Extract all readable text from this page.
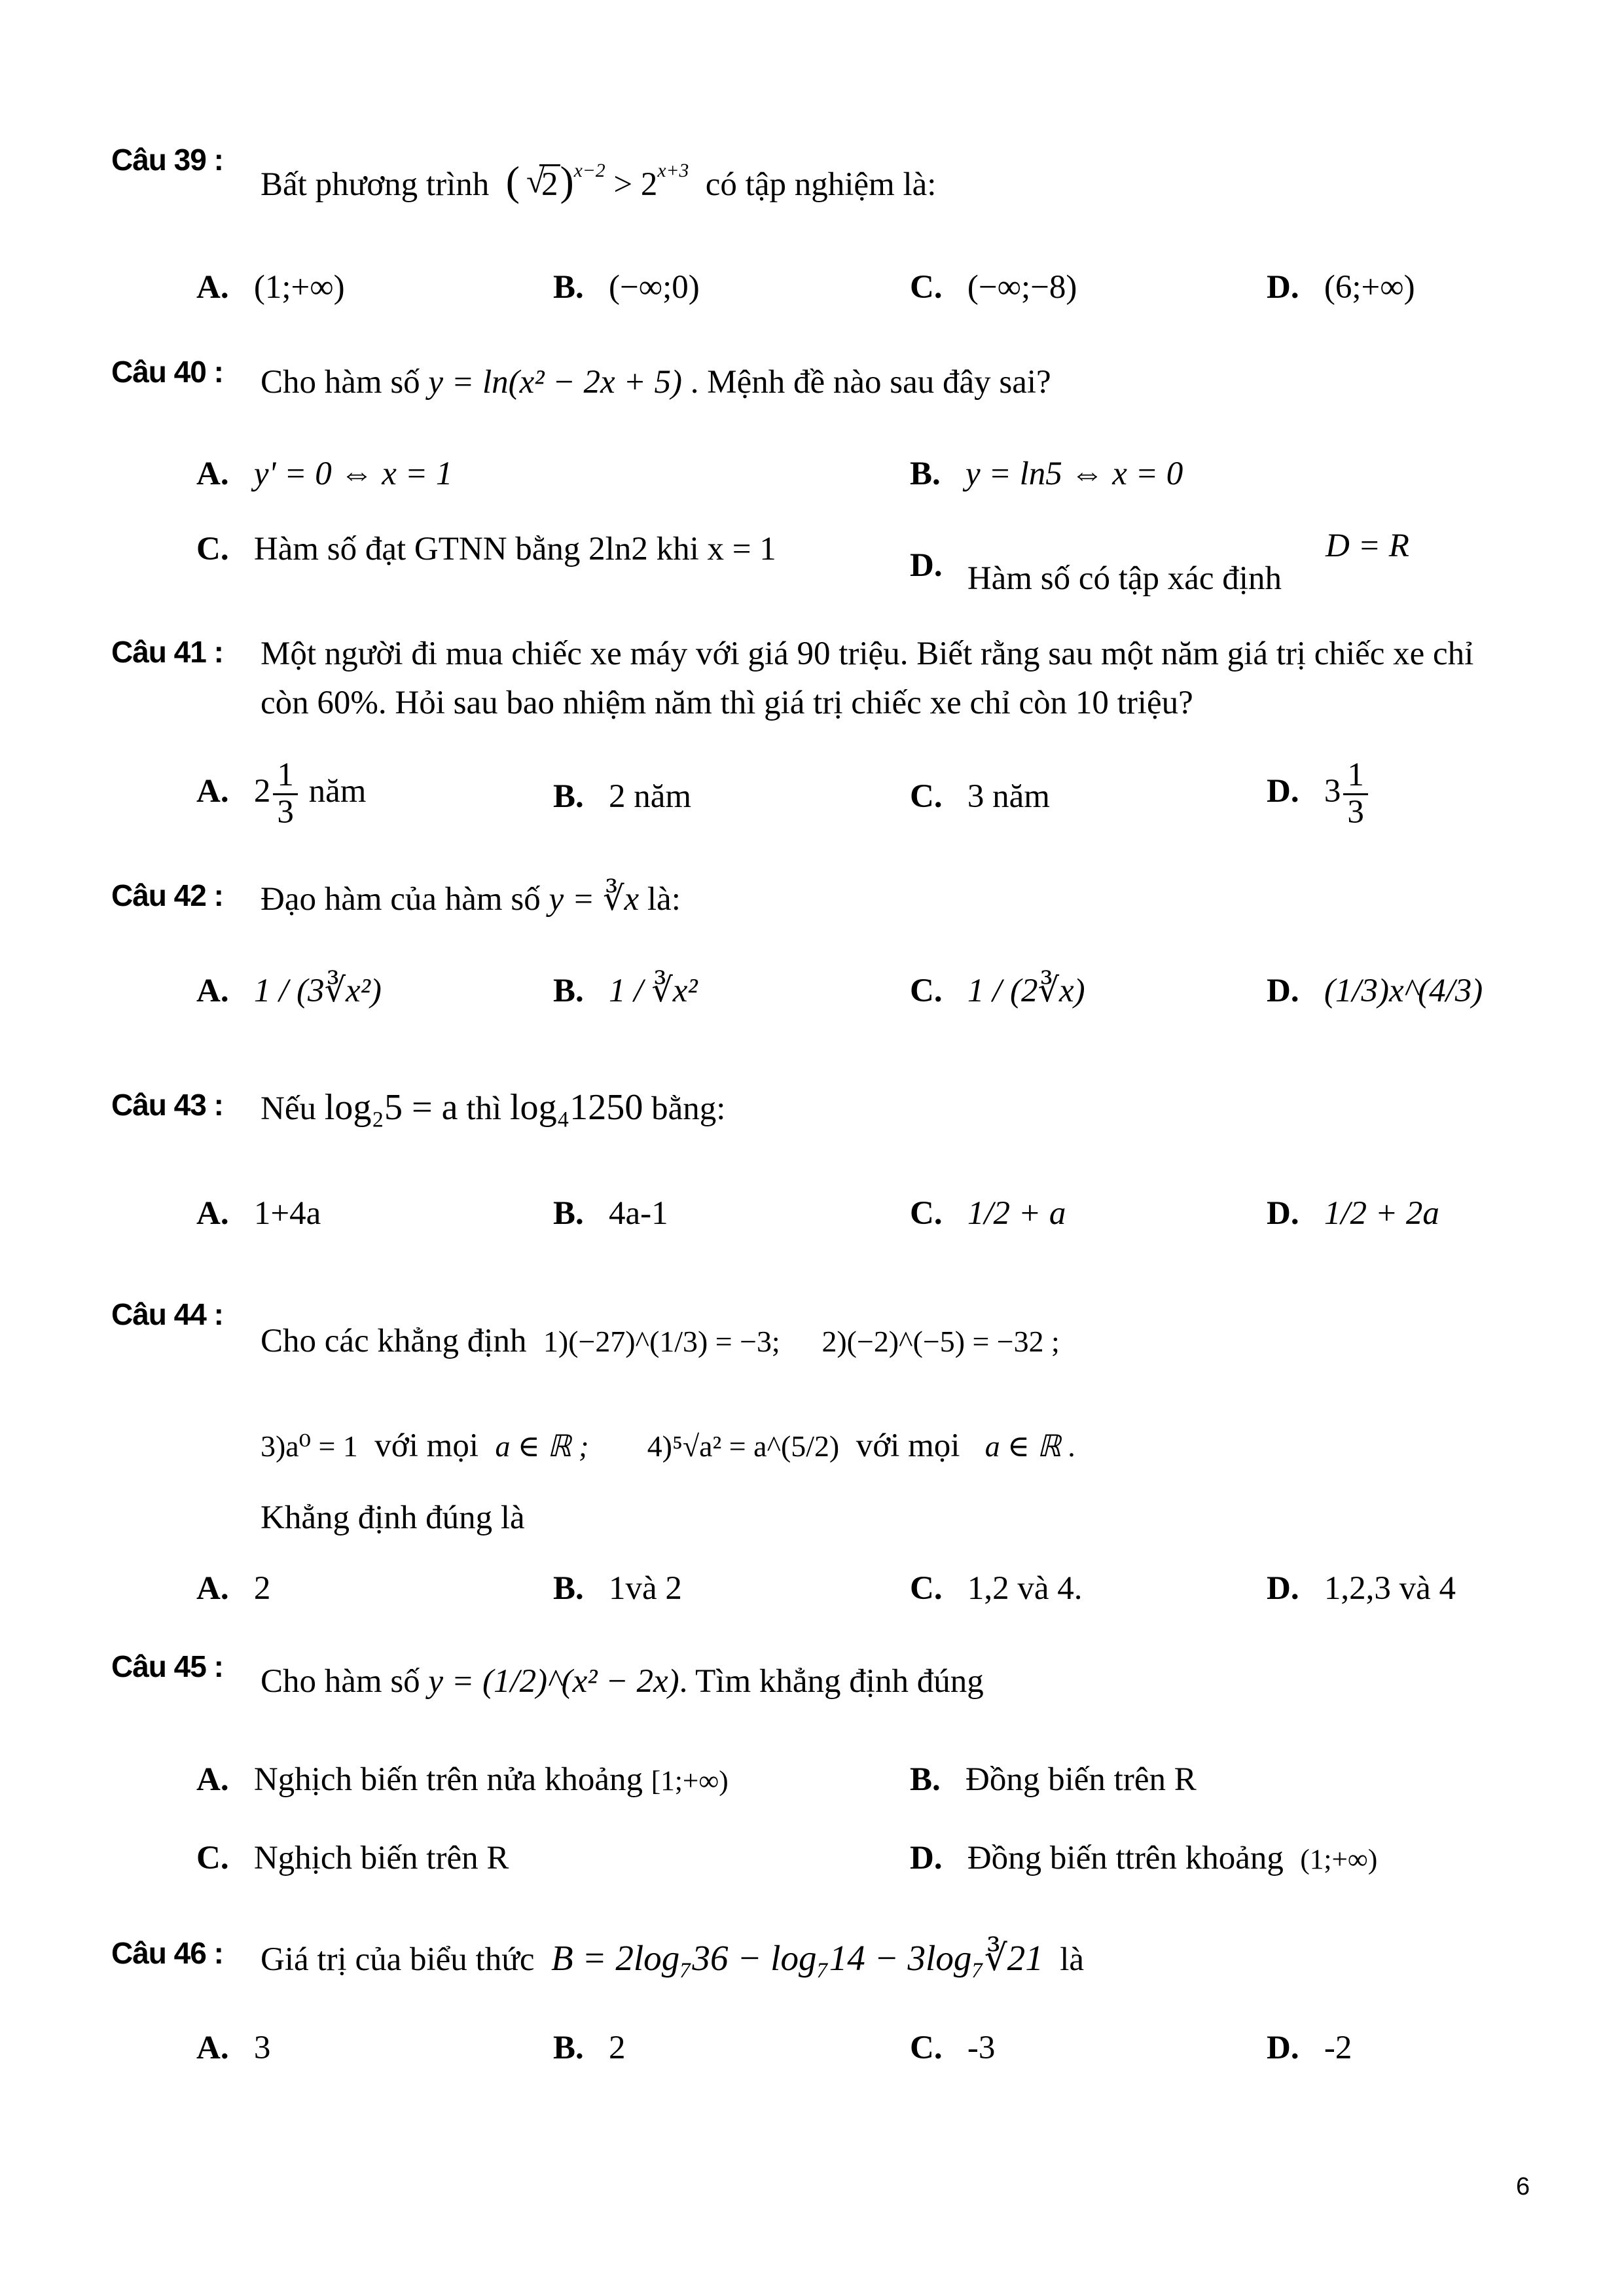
Câu 39 :
Bất phương trình ( √
$2)^{x-2} > 2^{x+3}$ có tập nghiệm là:
A. (1;+∞)	B. (−∞;0)	C. (−∞;−8)	D. (6;+∞)
Câu 40 : Cho hàm số y = ln(x² − 2x + 5) . Mệnh đề nào sau đây sai?
A. y' = 0 ⇔ x = 1	B. y = ln5 ⇔ x = 0
C. Hàm số đạt GTNN bằng 2ln2 khi x = 1	D. Hàm số có tập xác định
D = R
Câu 41 : Một người đi mua chiếc xe máy với giá 90 triệu. Biết rằng sau một năm giá trị chiếc xe chỉ
còn 60%. Hỏi sau bao nhiệm năm thì giá trị chiếc xe chỉ còn 10 triệu?
A. $2 \frac{1}{3}$ năm	B. 2 năm	C. 3 năm	D. $3 \frac{1}{3}$
Câu 42 : Đạo hàm của hàm số y = ∛x là:
A. 1 / (3∛x²)	B. 1 / ∛x²	C. 1 / (2∛x)	D. (1/3)x^(4/3)
Câu 43 : Nếu log₂5 = a thì log₄1250 bằng:
A. 1+4a	B. 4a-1	C. 1/2 + a	D. 1/2 + 2a
Câu 44 :
Cho các khẳng định 1)(−27)^(1/3) = −3; 2)(−2)^(−5) = −32 ;
3)a⁰ = 1 với mọi a ∈ ℝ ; 4)⁵√a² = a^(5/2) với mọi a ∈ ℝ .
Khẳng định đúng là
A. 2	B. 1và 2	C. 1,2 và 4.	D. 1,2,3 và 4
Câu 45 : Cho hàm số y = (1/2)^(x² − 2x). Tìm khẳng định đúng
A. Nghịch biến trên nửa khoảng [1;+∞)	B. Đồng biến trên R
C. Nghịch biến trên R	D. Đồng biến ttrên khoảng (1;+∞)
Câu 46 : Giá trị của biểu thức B = 2log₇36 − log₇14 − 3log₇∛21 là
A. 3	B. 2	C. -3	D. -2
6
